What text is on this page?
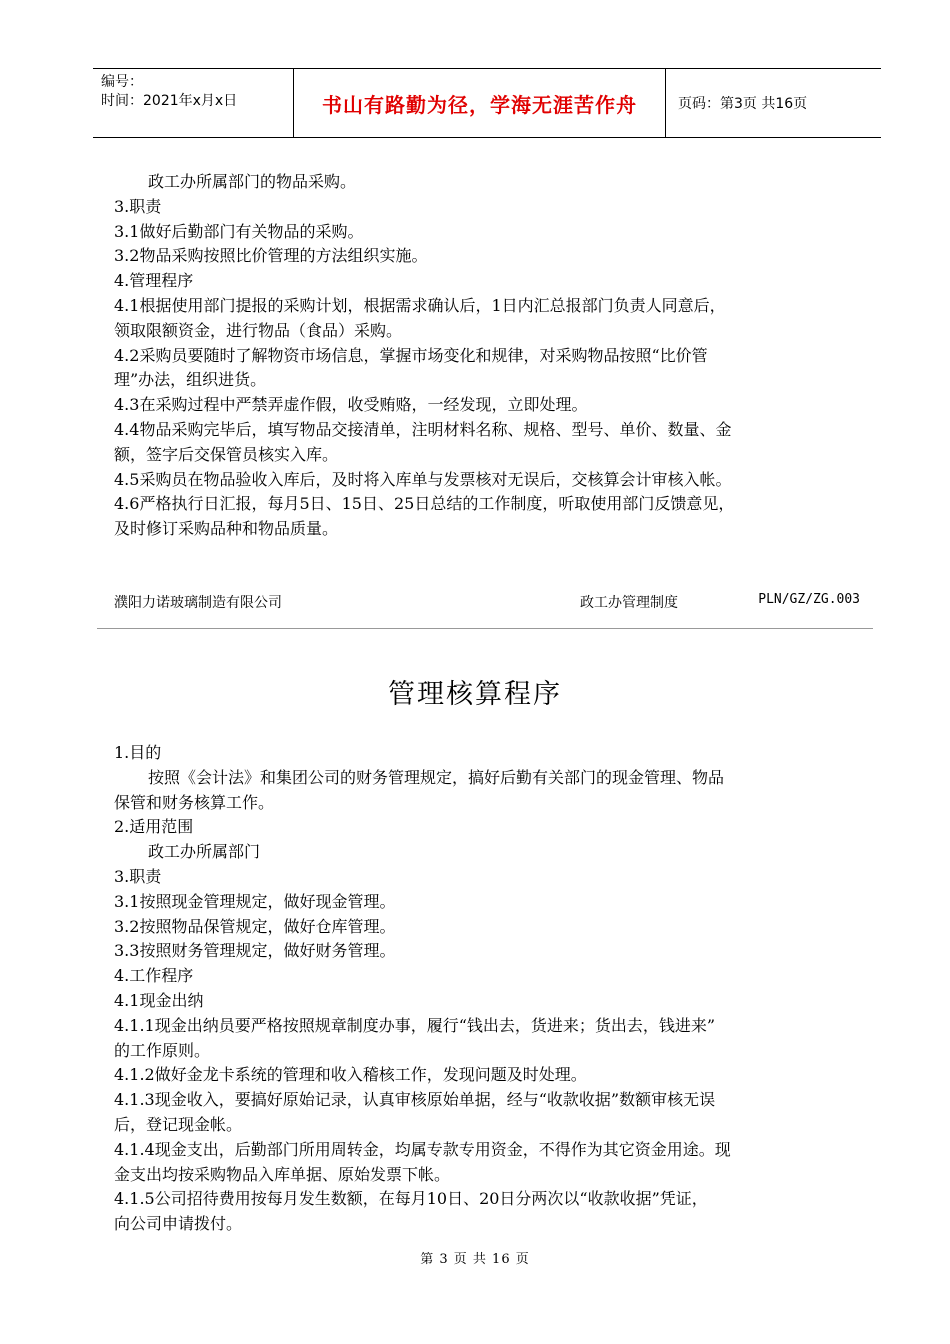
编号：
时间：2021年x月x日	书山有路勤为径，学海无涯苦作舟	页码：第3页 共16页

政工办所属部门的物品采购。

3.职责

3.1做好后勤部门有关物品的采购。

3.2物品采购按照比价管理的方法组织实施。

4.管理程序

4.1根据使用部门提报的采购计划，根据需求确认后，1日内汇总报部门负责人同意后，

领取限额资金，进行物品（食品）采购。

4.2采购员要随时了解物资市场信息，掌握市场变化和规律，对采购物品按照“比价管

理”办法，组织进货。

4.3在采购过程中严禁弄虚作假，收受贿赂，一经发现，立即处理。

4.4物品采购完毕后，填写物品交接清单，注明材料名称、规格、型号、单价、数量、金

额，签字后交保管员核实入库。

4.5采购员在物品验收入库后，及时将入库单与发票核对无误后，交核算会计审核入帐。

4.6严格执行日汇报，每月5日、15日、25日总结的工作制度，听取使用部门反馈意见，

及时修订采购品种和物品质量。

濮阳力诺玻璃制造有限公司	政工办管理制度	PLN/GZ/ZG.003
管理核算程序

1.目的

按照《会计法》和集团公司的财务管理规定，搞好后勤有关部门的现金管理、物品

保管和财务核算工作。

2.适用范围

政工办所属部门

3.职责

3.1按照现金管理规定，做好现金管理。

3.2按照物品保管规定，做好仓库管理。

3.3按照财务管理规定，做好财务管理。

4.工作程序

4.1现金出纳

4.1.1现金出纳员要严格按照规章制度办事，履行“钱出去，货进来；货出去，钱进来”

的工作原则。

4.1.2做好金龙卡系统的管理和收入稽核工作，发现问题及时处理。

4.1.3现金收入，要搞好原始记录，认真审核原始单据，经与“收款收据”数额审核无误

后，登记现金帐。

4.1.4现金支出，后勤部门所用周转金，均属专款专用资金，不得作为其它资金用途。现

金支出均按采购物品入库单据、原始发票下帐。

4.1.5公司招待费用按每月发生数额，在每月10日、20日分两次以“收款收据”凭证，

向公司申请拨付。

第 3 页 共 16 页
